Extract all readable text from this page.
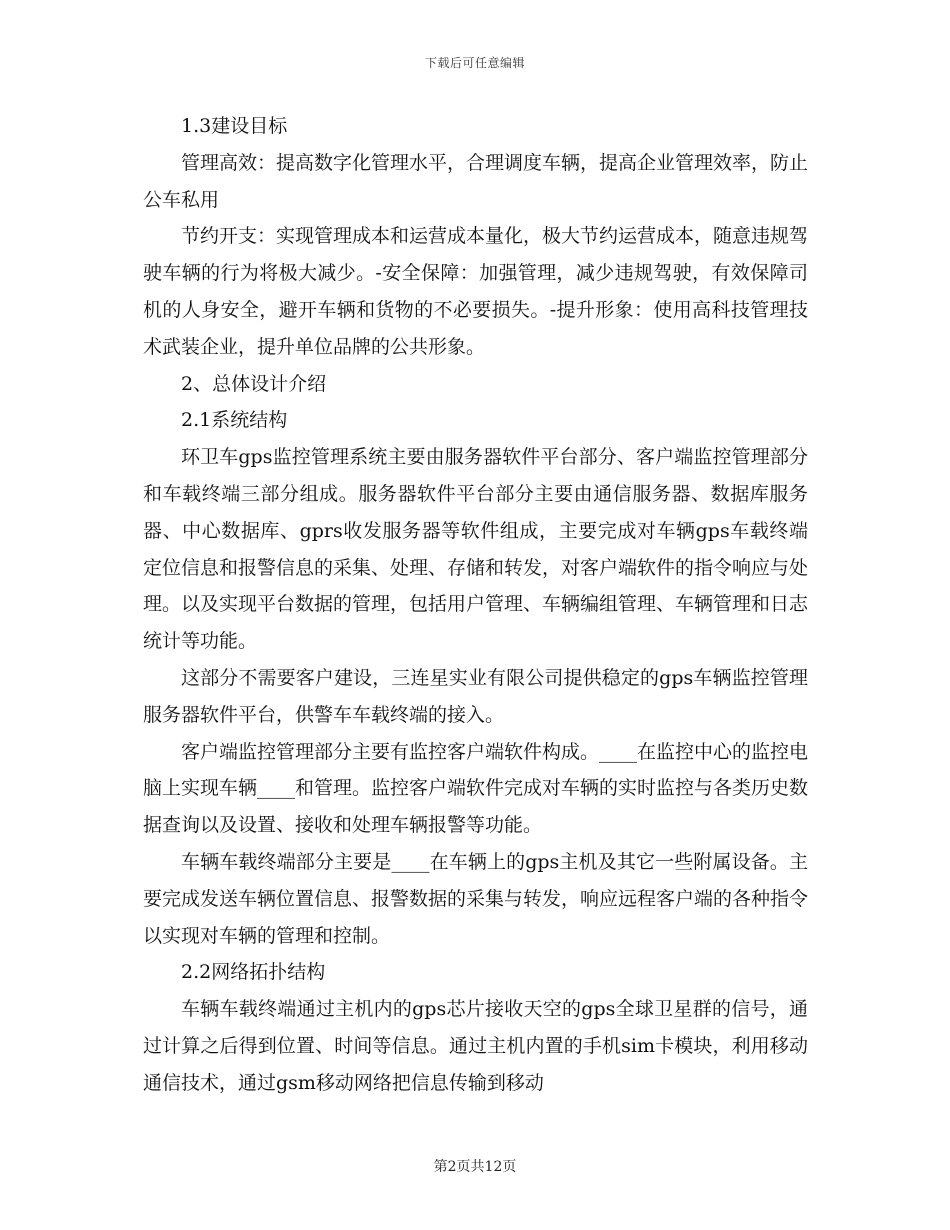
下载后可任意编辑

1.3建设目标

管理高效：提高数字化管理水平，合理调度车辆，提高企业管理效率，防止公车私用

节约开支：实现管理成本和运营成本量化，极大节约运营成本，随意违规驾驶车辆的行为将极大减少。-安全保障：加强管理，减少违规驾驶，有效保障司机的人身安全，避开车辆和货物的不必要损失。-提升形象：使用高科技管理技术武装企业，提升单位品牌的公共形象。

2、总体设计介绍

2.1系统结构

环卫车gps监控管理系统主要由服务器软件平台部分、客户端监控管理部分和车载终端三部分组成。服务器软件平台部分主要由通信服务器、数据库服务器、中心数据库、gprs收发服务器等软件组成，主要完成对车辆gps车载终端定位信息和报警信息的采集、处理、存储和转发，对客户端软件的指令响应与处理。以及实现平台数据的管理，包括用户管理、车辆编组管理、车辆管理和日志统计等功能。

这部分不需要客户建设，三连星实业有限公司提供稳定的gps车辆监控管理服务器软件平台，供警车车载终端的接入。

客户端监控管理部分主要有监控客户端软件构成。____在监控中心的监控电脑上实现车辆____和管理。监控客户端软件完成对车辆的实时监控与各类历史数据查询以及设置、接收和处理车辆报警等功能。

车辆车载终端部分主要是____在车辆上的gps主机及其它一些附属设备。主要完成发送车辆位置信息、报警数据的采集与转发，响应远程客户端的各种指令以实现对车辆的管理和控制。

2.2网络拓扑结构

车辆车载终端通过主机内的gps芯片接收天空的gps全球卫星群的信号，通过计算之后得到位置、时间等信息。通过主机内置的手机sim卡模块，利用移动通信技术，通过gsm移动网络把信息传输到移动

第2页共12页
